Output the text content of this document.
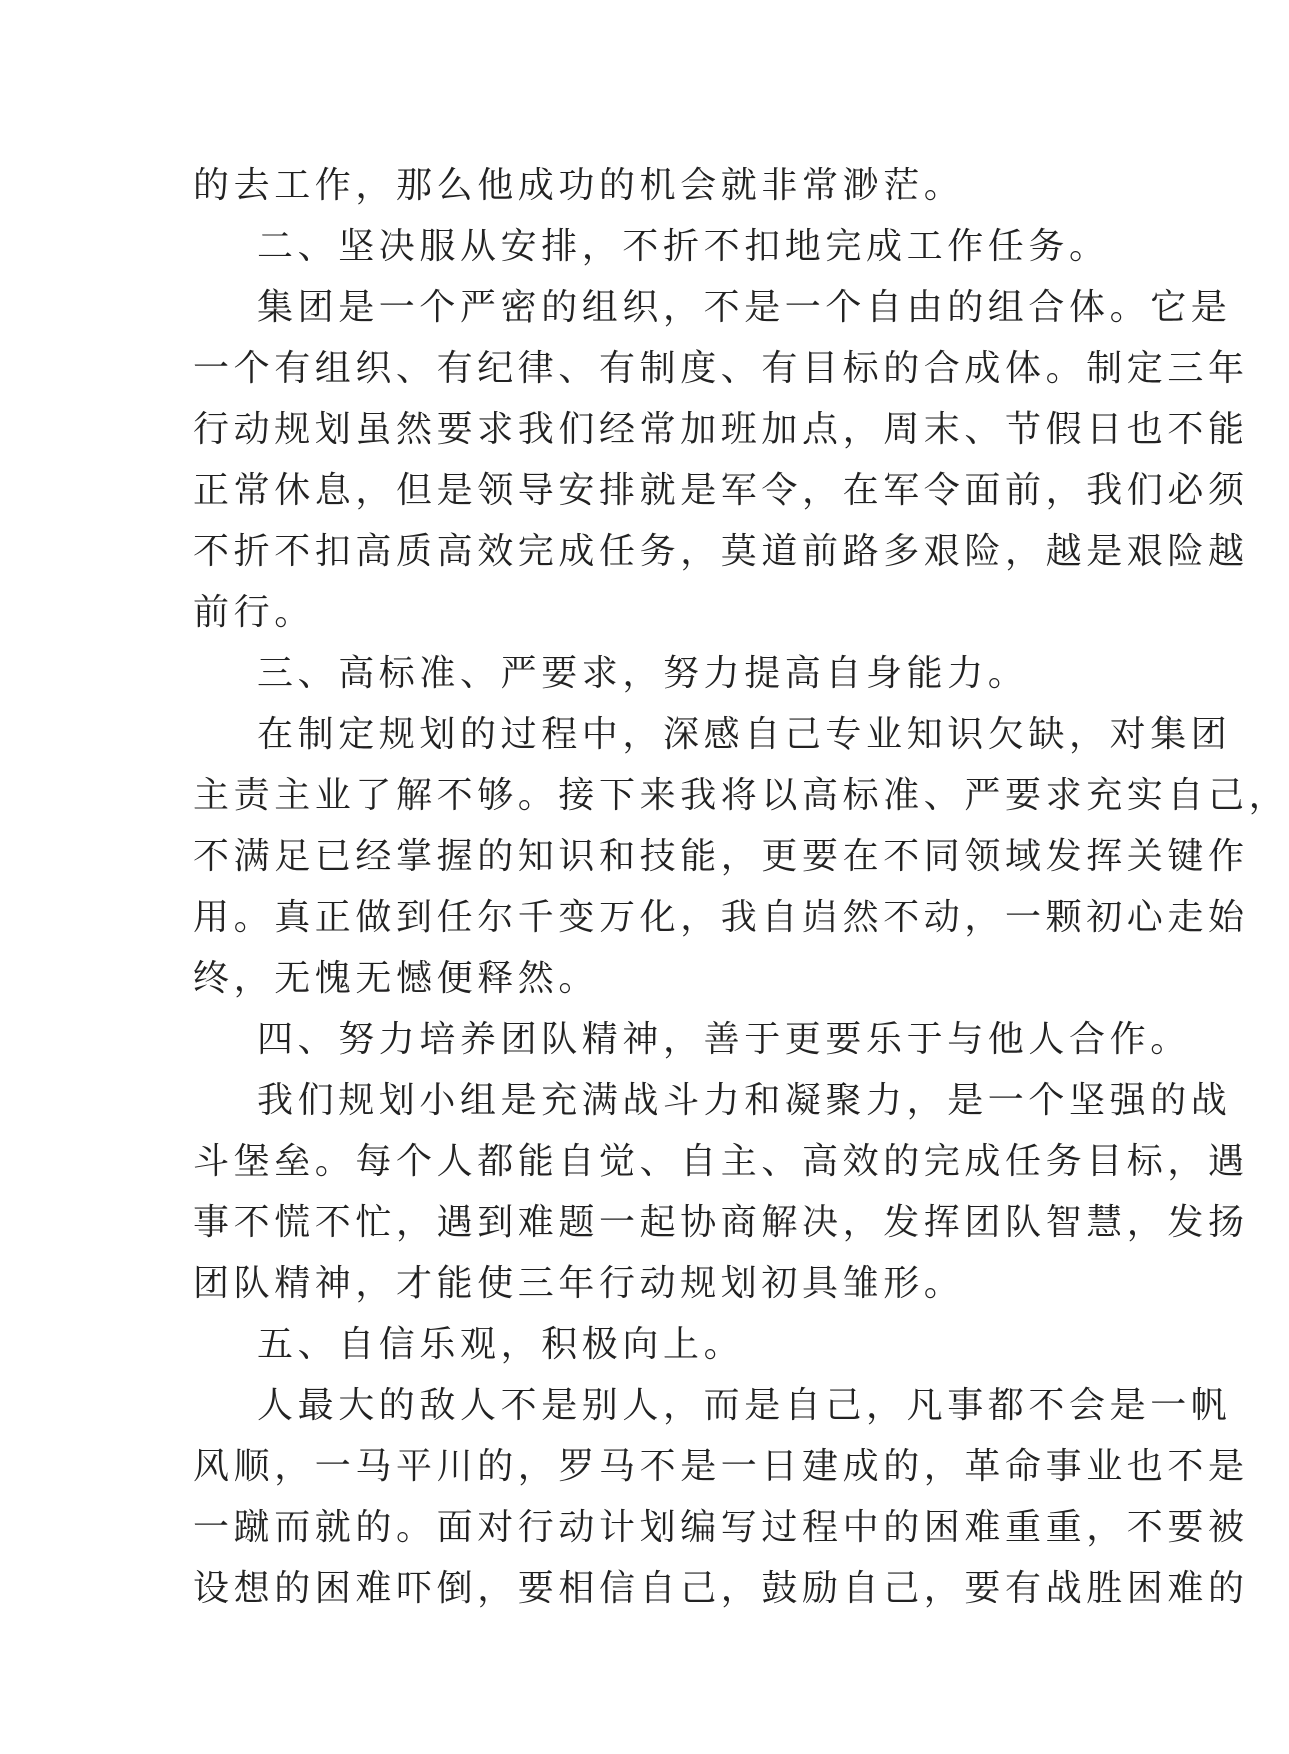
的去工作，那么他成功的机会就非常渺茫。
二、坚决服从安排，不折不扣地完成工作任务。
集团是一个严密的组织，不是一个自由的组合体。它是
一个有组织、有纪律、有制度、有目标的合成体。制定三年
行动规划虽然要求我们经常加班加点，周末、节假日也不能
正常休息，但是领导安排就是军令，在军令面前，我们必须
不折不扣高质高效完成任务，莫道前路多艰险，越是艰险越
前行。
三、高标准、严要求，努力提高自身能力。
在制定规划的过程中，深感自己专业知识欠缺，对集团
主责主业了解不够。接下来我将以高标准、严要求充实自己，
不满足已经掌握的知识和技能，更要在不同领域发挥关键作
用。真正做到任尔千变万化，我自岿然不动，一颗初心走始
终，无愧无憾便释然。
四、努力培养团队精神，善于更要乐于与他人合作。
我们规划小组是充满战斗力和凝聚力，是一个坚强的战
斗堡垒。每个人都能自觉、自主、高效的完成任务目标，遇
事不慌不忙，遇到难题一起协商解决，发挥团队智慧，发扬
团队精神，才能使三年行动规划初具雏形。
五、自信乐观，积极向上。
人最大的敌人不是别人，而是自己，凡事都不会是一帆
风顺，一马平川的，罗马不是一日建成的，革命事业也不是
一蹴而就的。面对行动计划编写过程中的困难重重，不要被
设想的困难吓倒，要相信自己，鼓励自己，要有战胜困难的
